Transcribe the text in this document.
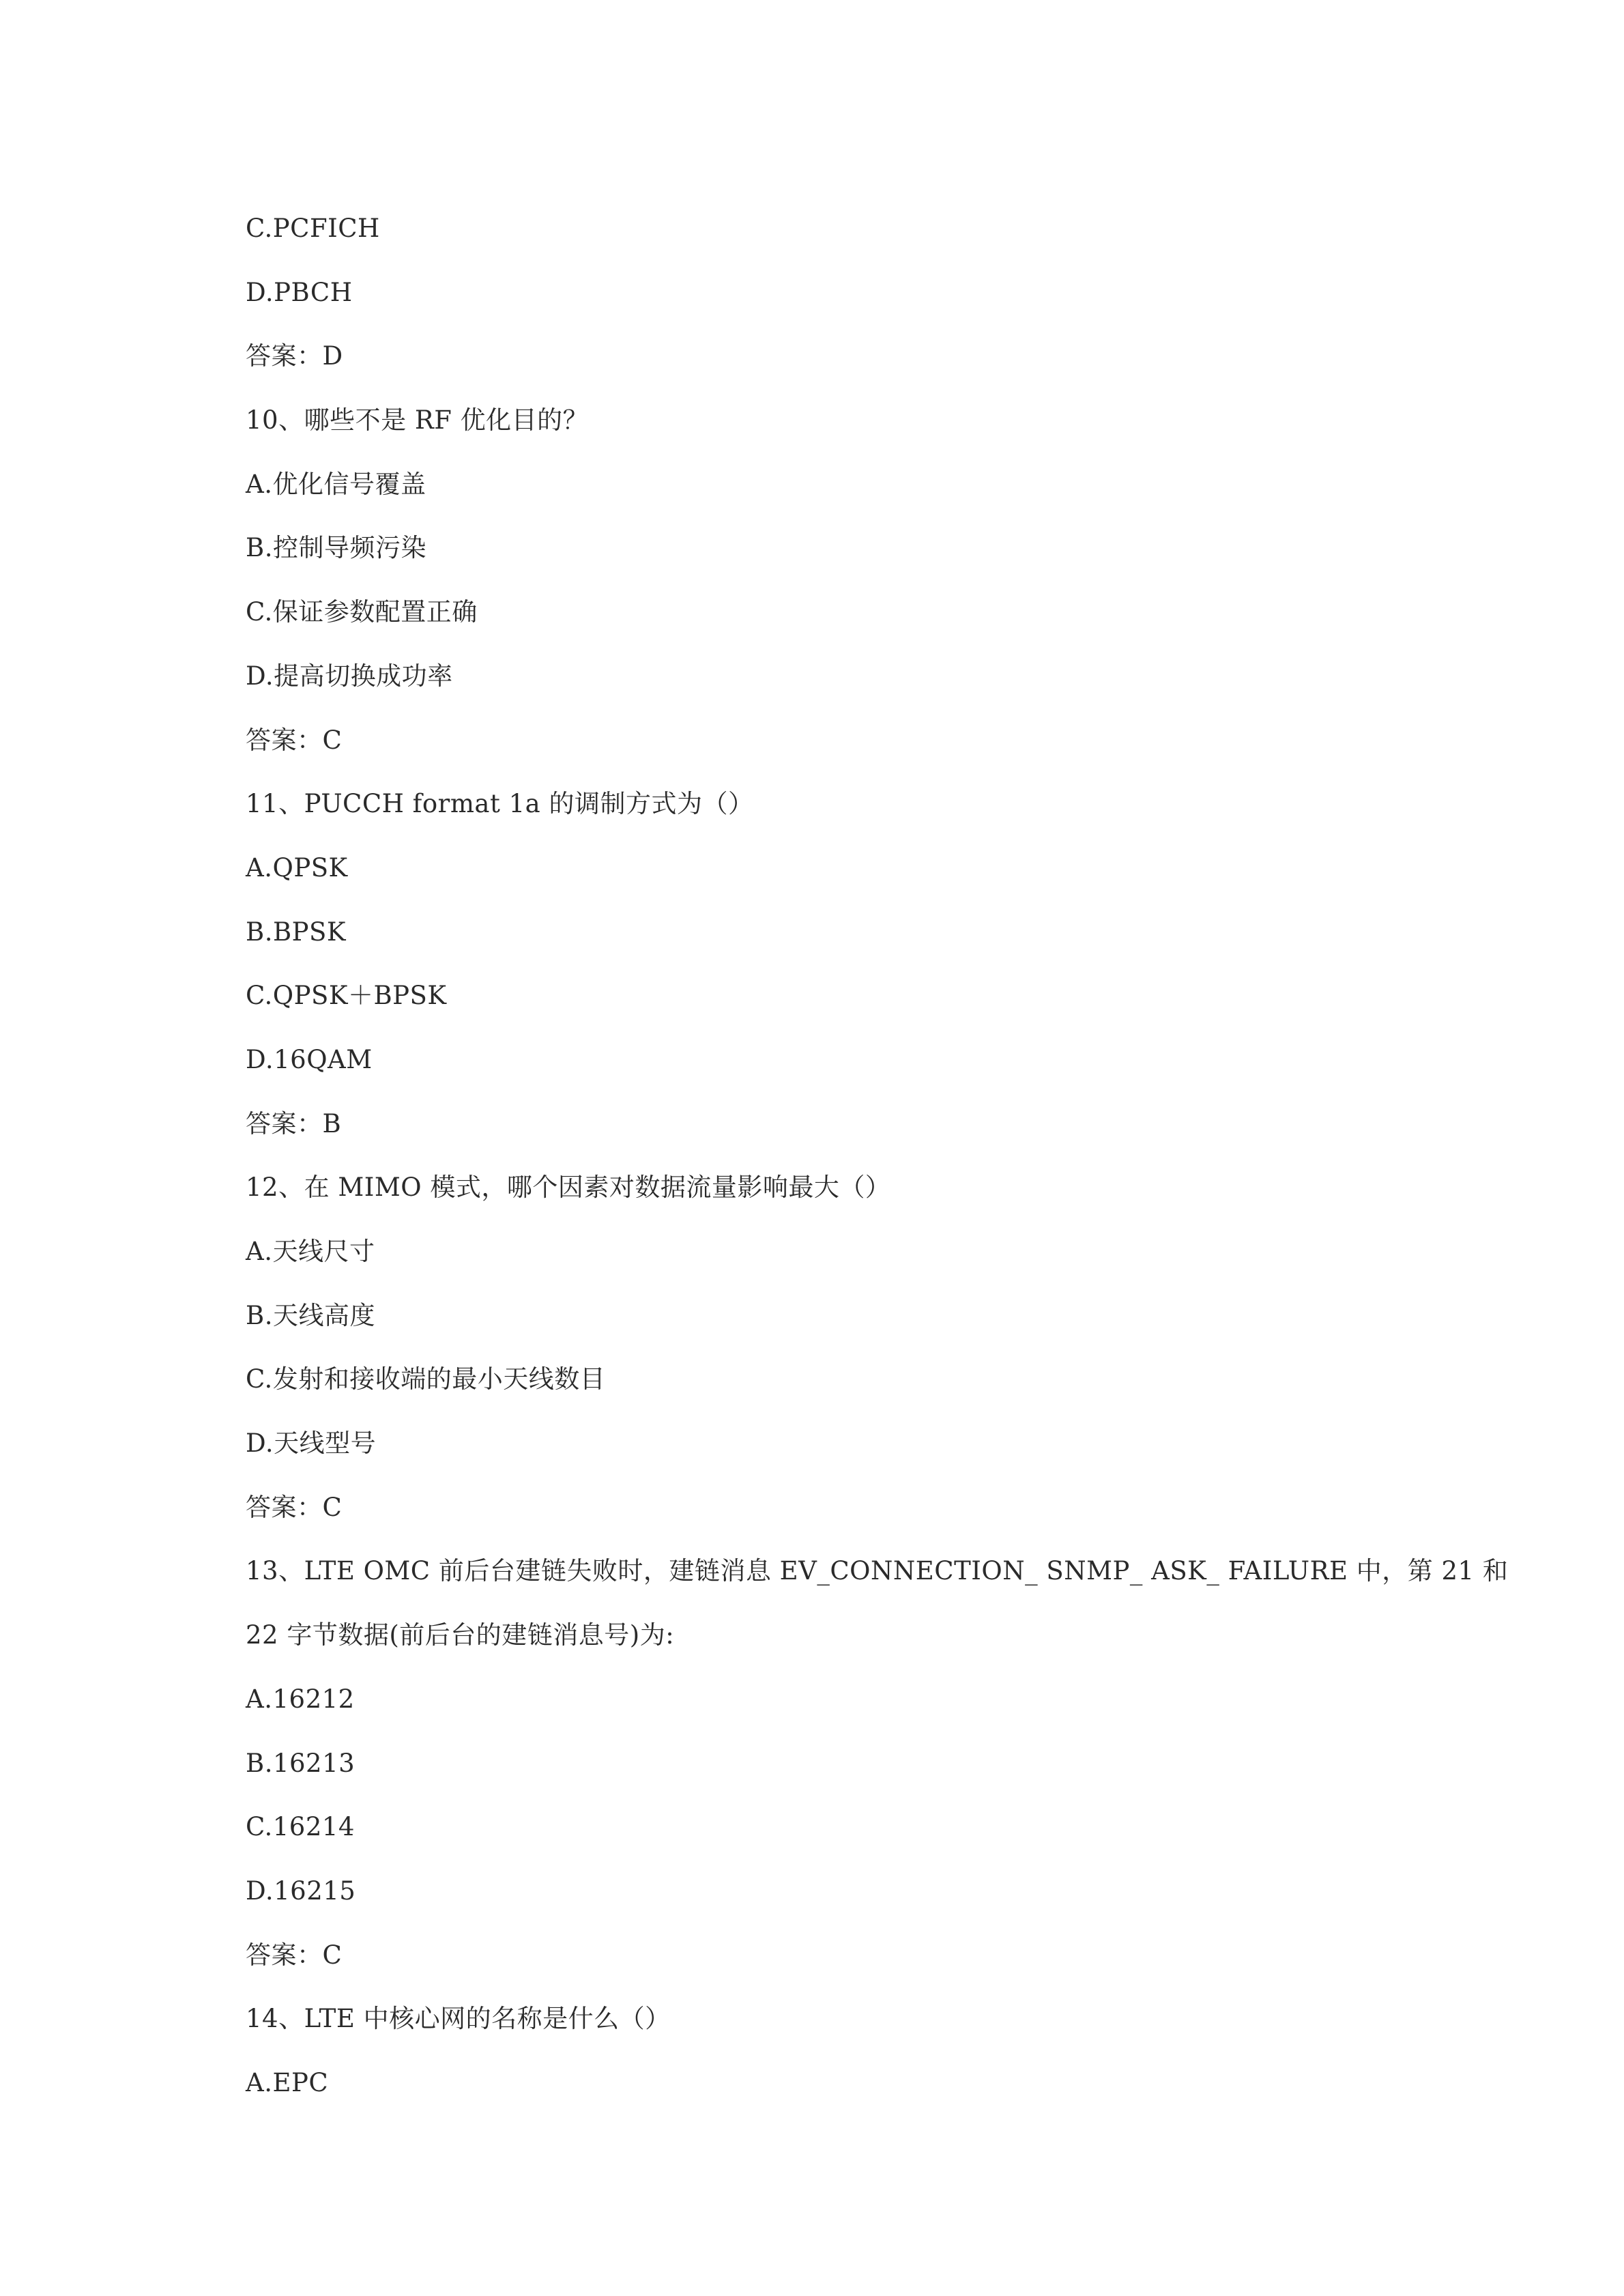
C.PCFICH
D.PBCH
答案：D
10、哪些不是 RF 优化目的？
A.优化信号覆盖
B.控制导频污染
C.保证参数配置正确
D.提高切换成功率
答案：C
11、PUCCH format 1a 的调制方式为（）
A.QPSK
B.BPSK
C.QPSK＋BPSK
D.16QAM
答案：B
12、在 MIMO 模式，哪个因素对数据流量影响最大（）
A.天线尺寸
B.天线高度
C.发射和接收端的最小天线数目
D.天线型号
答案：C
13、LTE OMC 前后台建链失败时，建链消息 EV_CONNECTION_ SNMP_ ASK_ FAILURE 中，第 21 和
22 字节数据(前后台的建链消息号)为:
A.16212
B.16213
C.16214
D.16215
答案：C
14、LTE 中核心网的名称是什么（）
A.EPC
